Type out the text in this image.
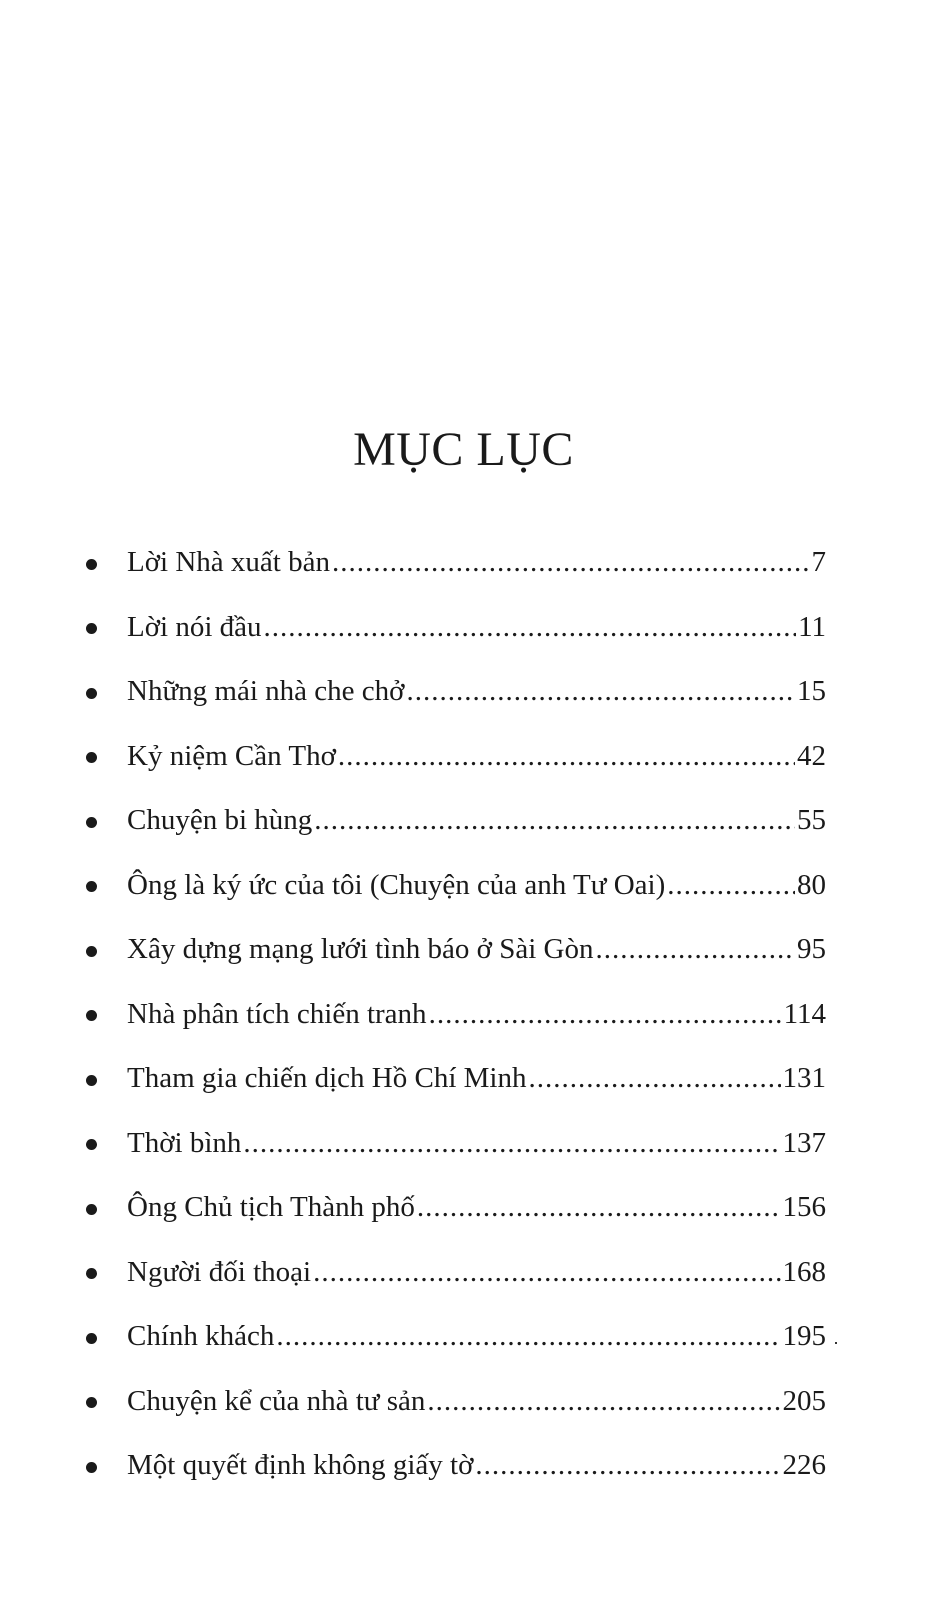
MỤC LỤC
Lời Nhà xuất bản .....	7
Lời nói đầu .....	11
Những mái nhà che chở .....	15
Kỷ niệm Cần Thơ .....	42
Chuyện bi hùng .....	55
Ông là ký ức của tôi (Chuyện của anh Tư Oai) .....	80
Xây dựng mạng lưới tình báo ở Sài Gòn .....	95
Nhà phân tích chiến tranh .....	114
Tham gia chiến dịch Hồ Chí Minh .....	131
Thời bình .....	137
Ông Chủ tịch Thành phố .....	156
Người đối thoại .....	168
Chính khách .....	195
Chuyện kể của nhà tư sản .....	205
Một quyết định không giấy tờ .....	226
